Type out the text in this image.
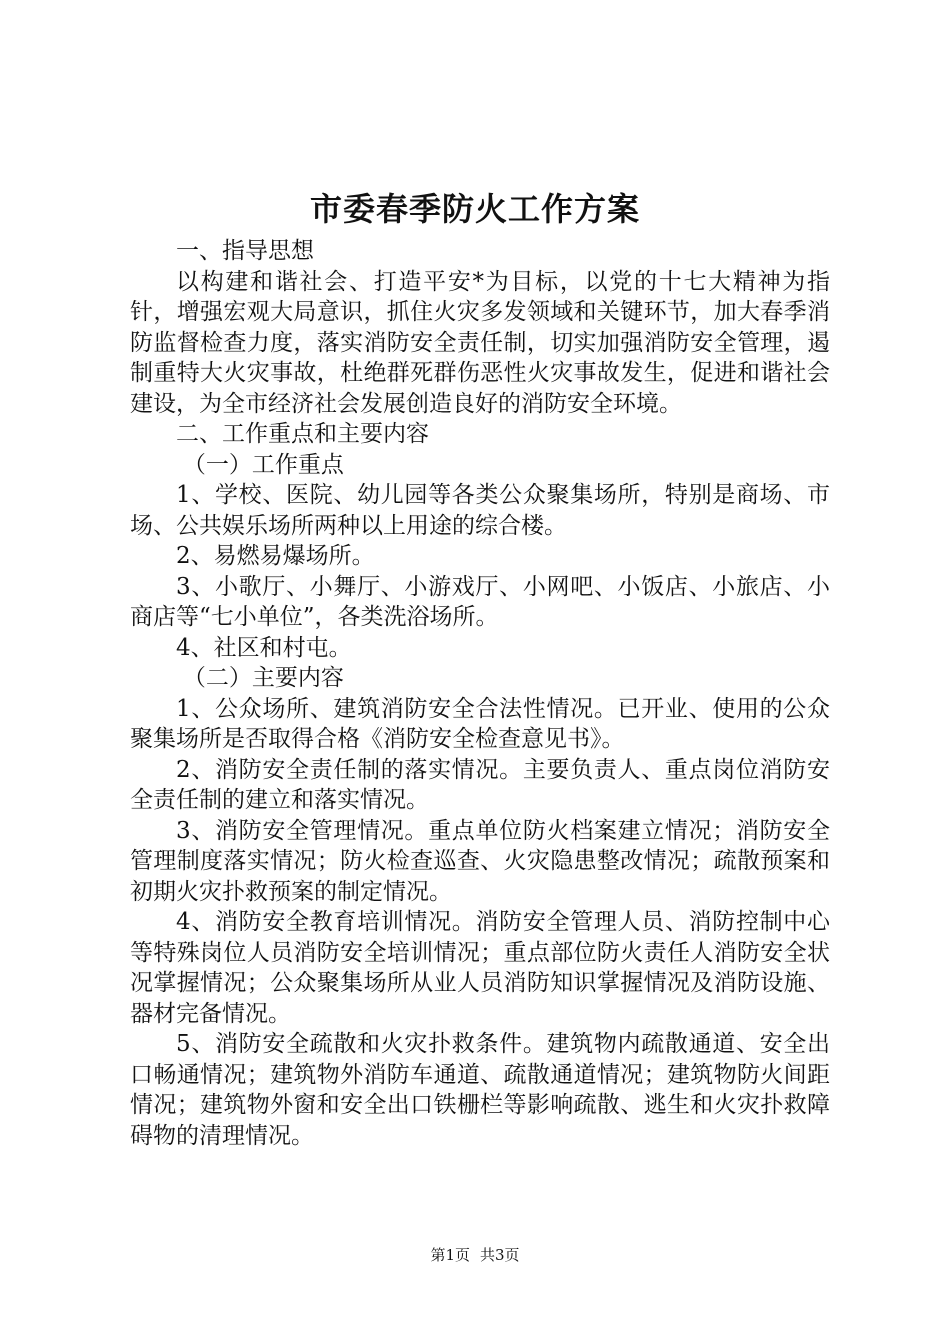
市委春季防火工作方案

一、指导思想

以构建和谐社会、打造平安*为目标，以党的十七大精神为指针，增强宏观大局意识，抓住火灾多发领域和关键环节，加大春季消防监督检查力度，落实消防安全责任制，切实加强消防安全管理，遏制重特大火灾事故，杜绝群死群伤恶性火灾事故发生，促进和谐社会建设，为全市经济社会发展创造良好的消防安全环境。

二、工作重点和主要内容

（一）工作重点

1、学校、医院、幼儿园等各类公众聚集场所，特别是商场、市场、公共娱乐场所两种以上用途的综合楼。

2、易燃易爆场所。

3、小歌厅、小舞厅、小游戏厅、小网吧、小饭店、小旅店、小商店等“七小单位”，各类洗浴场所。

4、社区和村屯。

（二）主要内容

1、公众场所、建筑消防安全合法性情况。已开业、使用的公众聚集场所是否取得合格《消防安全检查意见书》。

2、消防安全责任制的落实情况。主要负责人、重点岗位消防安全责任制的建立和落实情况。

3、消防安全管理情况。重点单位防火档案建立情况；消防安全管理制度落实情况；防火检查巡查、火灾隐患整改情况；疏散预案和初期火灾扑救预案的制定情况。

4、消防安全教育培训情况。消防安全管理人员、消防控制中心等特殊岗位人员消防安全培训情况；重点部位防火责任人消防安全状况掌握情况；公众聚集场所从业人员消防知识掌握情况及消防设施、器材完备情况。

5、消防安全疏散和火灾扑救条件。建筑物内疏散通道、安全出口畅通情况；建筑物外消防车通道、疏散通道情况；建筑物防火间距情况；建筑物外窗和安全出口铁栅栏等影响疏散、逃生和火灾扑救障碍物的清理情况。

第1页 共3页
